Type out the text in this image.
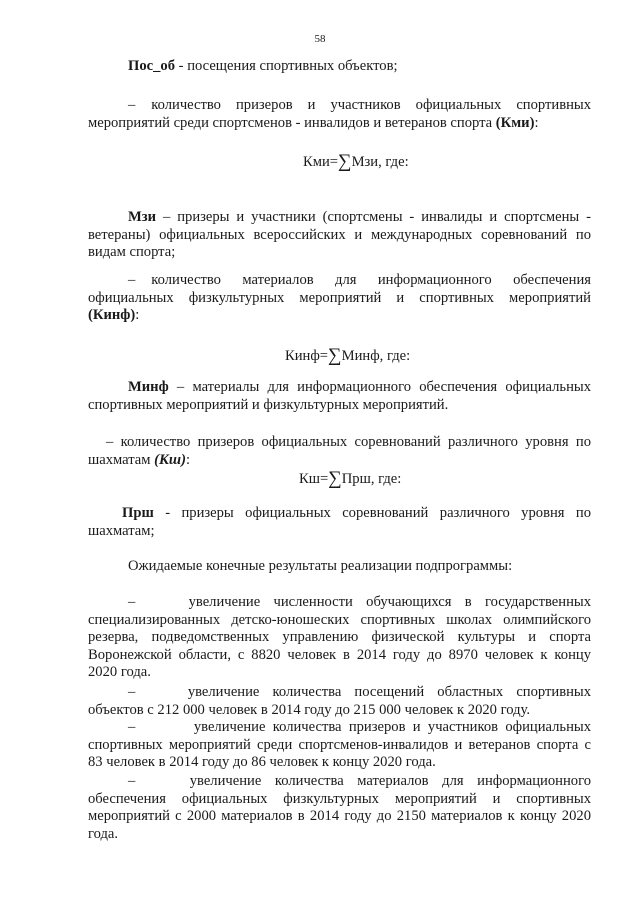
58
Пос_об - посещения спортивных объектов;
– количество призеров и участников официальных спортивных
мероприятий среди спортсменов - инвалидов и ветеранов спорта (Кми):
Кми=∑Мзи, где:
Мзи – призеры и участники (спортсмены - инвалиды и спортсмены -
ветераны) официальных всероссийских и международных соревнований по
видам спорта;
– количество материалов для информационного обеспечения
официальных физкультурных мероприятий и спортивных мероприятий
(Кинф):
Кинф=∑Минф, где:
Минф – материалы для информационного обеспечения официальных
спортивных мероприятий и физкультурных мероприятий.
– количество призеров официальных соревнований различного уровня по
шахматам (Кш):
Кш=∑Прш, где:
Прш - призеры официальных соревнований различного уровня по
шахматам;
Ожидаемые конечные результаты реализации подпрограммы:
–        увеличение  численности  обучающихся  в  государственных
специализированных детско-юношеских спортивных школах олимпийского
резерва, подведомственных управлению физической культуры и спорта
Воронежской области, с 8820 человек в 2014 году до 8970 человек к концу
2020 года.
–        увеличение  количества  посещений  областных  спортивных
объектов с 212 000 человек в 2014 году до 215 000 человек к 2020 году.
–        увеличение количества призеров и участников официальных
спортивных мероприятий среди спортсменов-инвалидов и ветеранов спорта с
83 человек в 2014 году до 86 человек к концу 2020 года.
–        увеличение  количества  материалов  для  информационного
обеспечения официальных физкультурных мероприятий и спортивных
мероприятий с 2000 материалов в 2014 году до 2150 материалов к концу 2020
года.
